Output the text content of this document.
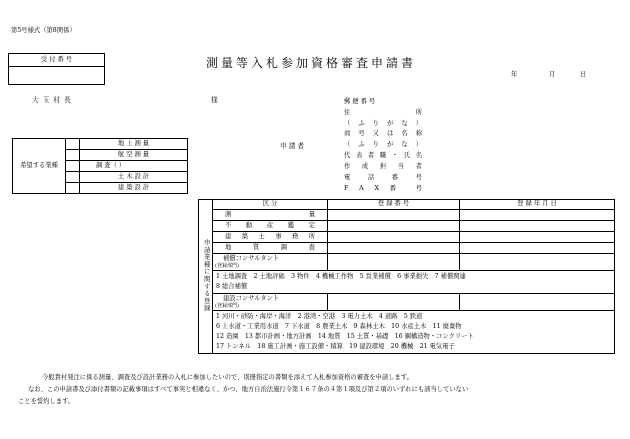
第5号様式（第8関係）
受 付 番 号	測量等入札参加資格審査申請書
年	月	日
大 玉 村 長	様
申 請 者
郵 便 番 号
住 所
（ ふ り が な ）
商 号 又 は 名 称
（ ふ り が な ）
代 表 者 職 ・ 氏 名
作 成 担 当 者
電 話 番 号
F A X 番 号
希望する業種		地 上 測 量
		航 空 測 量
		調 査（ ）
		土 木 設 計
		建 築 設 計
申請業種に関する登録	区 分	登 録 番 号	登 録 年 月 日

	測 量		

	不 動 産 鑑 定		

	建 築 士 事 務 所		

	地 質 調 査		

	補償コンサルタント
(登録部門)		

	1 土地調査　2 土地評価　3 物件　4 機械工作物　5 営業補償　6 事業損失　7 補償関連
8 総合補償		

	建設コンサルタント
(登録部門)		

	1 河川・砂防・海岸・海洋　2 港湾・空港　3 電力土木　4 道路　5 鉄道
6 上水道・工業用水道　7 下水道　8 農業土木　9 森林土木　10 水産土木　11 廃棄物
12 造園　13 都市計画・地方計画　14 地質　15 土質・基礎　16 鋼構造物・コンクリート
17 トンネル　18 施工計画・施工設備・積算　19 建設環境　20 機械　21 電気電子		
今般貴村発注に係る測量、調査及び設計業務の入札に参加したいので、別冊指定の書類を添えて入札参加資格の審査を申請します。
なお、この申請書及び添付書類の記載事項はすべて事実と相違なく、かつ、地方自治法施行令第１６７条の４第１項及び第２項のいずれにも該当していない
ことを誓約します。
